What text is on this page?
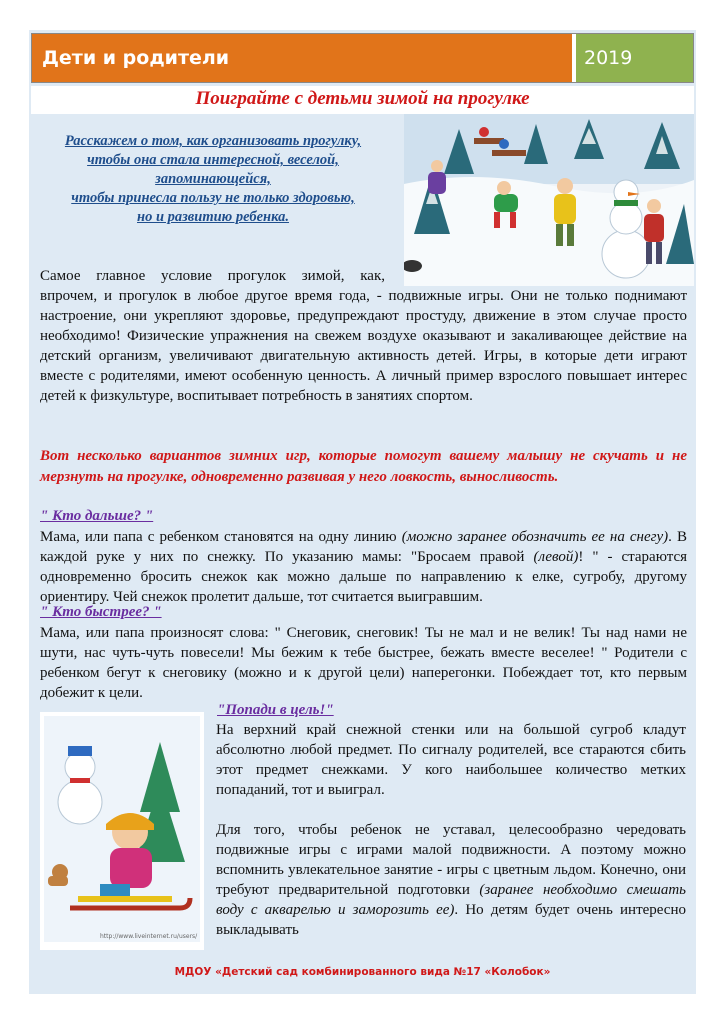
Дети и родители	2019
Поиграйте с детьми зимой на прогулке
Расскажем о том, как организовать прогулку,
чтобы она стала интересной, веселой,
запоминающейся,
чтобы принесла пользу не только здоровью,
но и развитию ребенка.
Самое главное условие прогулок зимой, как,
впрочем, и прогулок в любое другое время года, - подвижные игры. Они не только поднимают настроение, они укрепляют здоровье, предупреждают простуду, движение в этом случае просто необходимо! Физические упражнения на свежем воздухе оказывают и закаливающее действие на детский организм, увеличивают двигательную активность детей. Игры, в которые дети играют вместе с родителями, имеют особенную ценность. А личный пример взрослого повышает интерес детей к физкультуре, воспитывает потребность в занятиях спортом.
Вот несколько вариантов зимних игр, которые помогут вашему малышу не скучать и не мерзнуть на прогулке, одновременно развивая у него ловкость, выносливость.
" Кто дальше? "
Мама, или папа с ребенком становятся на одну линию (можно заранее обозначить ее на снегу). В каждой руке у них по снежку. По указанию мамы: "Бросаем правой (левой)! " - стараются одновременно бросить снежок как можно дальше по направлению к елке, сугробу, другому ориентиру. Чей снежок пролетит дальше, тот считается выигравшим.
" Кто быстрее? "
Мама, или папа произносят слова: " Снеговик, снеговик! Ты не мал и не велик! Ты над нами не шути, нас чуть-чуть повесели! Мы бежим к тебе быстрее, бежать вместе веселее! " Родители с ребенком бегут к снеговику (можно и к другой цели) наперегонки. Побеждает тот, кто первым добежит к цели.
http://www.liveinternet.ru/users/
"Попади в цель!"
На верхний край снежной стенки или на большой сугроб кладут абсолютно любой предмет. По сигналу родителей, все стараются сбить этот предмет снежками. У кого наибольшее количество метких попаданий, тот и выиграл.
Для того, чтобы ребенок не уставал, целесообразно чередовать подвижные игры с играми малой подвижности. А поэтому можно вспомнить увлекательное занятие - игры с цветным льдом. Конечно, они требуют предварительной подготовки (заранее необходимо смешать воду с акварелью и заморозить ее). Но детям будет очень интересно выкладывать
МДОУ «Детский сад комбинированного вида №17 «Колобок»
